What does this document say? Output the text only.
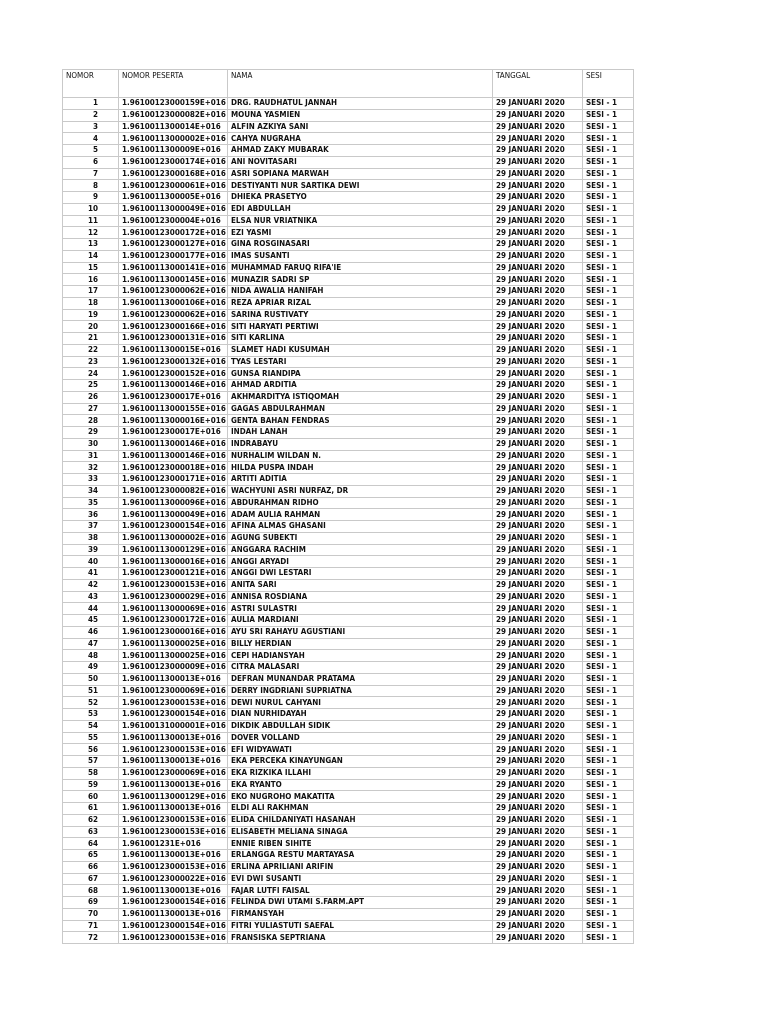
NOMOR	NOMOR PESERTA	NAMA	TANGGAL	SESI
1	1.96100123000159E+016	DRG. RAUDHATUL JANNAH	29 JANUARI 2020	SESI - 1
2	1.96100123000082E+016	MOUNA YASMIEN	29 JANUARI 2020	SESI - 1
3	1.9610011300014E+016	ALFIN AZKIYA SANI	29 JANUARI 2020	SESI - 1
4	1.96100113000002E+016	CAHYA NUGRAHA	29 JANUARI 2020	SESI - 1
5	1.9610011300009E+016	AHMAD ZAKY MUBARAK	29 JANUARI 2020	SESI - 1
6	1.96100123000174E+016	ANI NOVITASARI	29 JANUARI 2020	SESI - 1
7	1.96100123000168E+016	ASRI SOPIANA MARWAH	29 JANUARI 2020	SESI - 1
8	1.96100123000061E+016	DESTIYANTI NUR SARTIKA DEWI	29 JANUARI 2020	SESI - 1
9	1.9610011300005E+016	DHIEKA PRASETYO	29 JANUARI 2020	SESI - 1
10	1.96100113000049E+016	EDI ABDULLAH	29 JANUARI 2020	SESI - 1
11	1.9610012300004E+016	ELSA NUR VRIATNIKA	29 JANUARI 2020	SESI - 1
12	1.96100123000172E+016	EZI YASMI	29 JANUARI 2020	SESI - 1
13	1.96100123000127E+016	GINA ROSGINASARI	29 JANUARI 2020	SESI - 1
14	1.96100123000177E+016	IMAS SUSANTI	29 JANUARI 2020	SESI - 1
15	1.96100113000141E+016	MUHAMMAD FARUQ RIFA'IE	29 JANUARI 2020	SESI - 1
16	1.96100113000145E+016	MUNAZIR SADRI SP	29 JANUARI 2020	SESI - 1
17	1.96100123000062E+016	NIDA AWALIA HANIFAH	29 JANUARI 2020	SESI - 1
18	1.96100113000106E+016	REZA APRIAR RIZAL	29 JANUARI 2020	SESI - 1
19	1.96100123000062E+016	SARINA RUSTIVATY	29 JANUARI 2020	SESI - 1
20	1.96100123000166E+016	SITI HARYATI PERTIWI	29 JANUARI 2020	SESI - 1
21	1.96100123000131E+016	SITI KARLINA	29 JANUARI 2020	SESI - 1
22	1.9610011300015E+016	SLAMET HADI KUSUMAH	29 JANUARI 2020	SESI - 1
23	1.96100123000132E+016	TYAS LESTARI	29 JANUARI 2020	SESI - 1
24	1.96100123000152E+016	GUNSA RIANDIPA	29 JANUARI 2020	SESI - 1
25	1.96100113000146E+016	AHMAD ARDITIA	29 JANUARI 2020	SESI - 1
26	1.9610012300017E+016	AKHMARDITYA ISTIQOMAH	29 JANUARI 2020	SESI - 1
27	1.96100113000155E+016	GAGAS ABDULRAHMAN	29 JANUARI 2020	SESI - 1
28	1.96100113000016E+016	GENTA BAHAN FENDRAS	29 JANUARI 2020	SESI - 1
29	1.9610012300017E+016	INDAH LANAH	29 JANUARI 2020	SESI - 1
30	1.96100113000146E+016	INDRABAYU	29 JANUARI 2020	SESI - 1
31	1.96100113000146E+016	NURHALIM WILDAN N.	29 JANUARI 2020	SESI - 1
32	1.96100123000018E+016	HILDA PUSPA INDAH	29 JANUARI 2020	SESI - 1
33	1.96100123000171E+016	ARTITI ADITIA	29 JANUARI 2020	SESI - 1
34	1.96100123000082E+016	WACHYUNI ASRI NURFAZ, DR	29 JANUARI 2020	SESI - 1
35	1.96100113000096E+016	ABDURAHMAN RIDHO	29 JANUARI 2020	SESI - 1
36	1.96100113000049E+016	ADAM AULIA RAHMAN	29 JANUARI 2020	SESI - 1
37	1.96100123000154E+016	AFINA ALMAS GHASANI	29 JANUARI 2020	SESI - 1
38	1.96100113000002E+016	AGUNG SUBEKTI	29 JANUARI 2020	SESI - 1
39	1.96100113000129E+016	ANGGARA RACHIM	29 JANUARI 2020	SESI - 1
40	1.96100113000016E+016	ANGGI ARYADI	29 JANUARI 2020	SESI - 1
41	1.96100123000121E+016	ANGGI DWI LESTARI	29 JANUARI 2020	SESI - 1
42	1.96100123000153E+016	ANITA SARI	29 JANUARI 2020	SESI - 1
43	1.96100123000029E+016	ANNISA ROSDIANA	29 JANUARI 2020	SESI - 1
44	1.96100113000069E+016	ASTRI SULASTRI	29 JANUARI 2020	SESI - 1
45	1.96100123000172E+016	AULIA MARDIANI	29 JANUARI 2020	SESI - 1
46	1.96100123000016E+016	AYU SRI RAHAYU AGUSTIANI	29 JANUARI 2020	SESI - 1
47	1.96100113000025E+016	BILLY HERDIAN	29 JANUARI 2020	SESI - 1
48	1.96100113000025E+016	CEPI HADIANSYAH	29 JANUARI 2020	SESI - 1
49	1.96100123000009E+016	CITRA MALASARI	29 JANUARI 2020	SESI - 1
50	1.9610011300013E+016	DEFRAN MUNANDAR PRATAMA	29 JANUARI 2020	SESI - 1
51	1.96100123000069E+016	DERRY INGDRIANI SUPRIATNA	29 JANUARI 2020	SESI - 1
52	1.96100123000153E+016	DEWI NURUL CAHYANI	29 JANUARI 2020	SESI - 1
53	1.96100123000154E+016	DIAN NURHIDAYAH	29 JANUARI 2020	SESI - 1
54	1.96100131000001E+016	DIKDIK ABDULLAH SIDIK	29 JANUARI 2020	SESI - 1
55	1.9610011300013E+016	DOVER VOLLAND	29 JANUARI 2020	SESI - 1
56	1.96100123000153E+016	EFI WIDYAWATI	29 JANUARI 2020	SESI - 1
57	1.9610011300013E+016	EKA PERCEKA KINAYUNGAN	29 JANUARI 2020	SESI - 1
58	1.96100123000069E+016	EKA RIZKIKA ILLAHI	29 JANUARI 2020	SESI - 1
59	1.9610011300013E+016	EKA RYANTO	29 JANUARI 2020	SESI - 1
60	1.96100113000129E+016	EKO NUGROHO MAKATITA	29 JANUARI 2020	SESI - 1
61	1.9610011300013E+016	ELDI ALI RAKHMAN	29 JANUARI 2020	SESI - 1
62	1.96100123000153E+016	ELIDA CHILDANIYATI HASANAH	29 JANUARI 2020	SESI - 1
63	1.96100123000153E+016	ELISABETH MELIANA SINAGA	29 JANUARI 2020	SESI - 1
64	1.961001231E+016	ENNIE RIBEN SIHITE	29 JANUARI 2020	SESI - 1
65	1.9610011300013E+016	ERLANGGA RESTU MARTAYASA	29 JANUARI 2020	SESI - 1
66	1.96100123000153E+016	ERLINA APRILIANI ARIFIN	29 JANUARI 2020	SESI - 1
67	1.96100123000022E+016	EVI DWI SUSANTI	29 JANUARI 2020	SESI - 1
68	1.9610011300013E+016	FAJAR LUTFI FAISAL	29 JANUARI 2020	SESI - 1
69	1.96100123000154E+016	FELINDA DWI UTAMI S.FARM.APT	29 JANUARI 2020	SESI - 1
70	1.9610011300013E+016	FIRMANSYAH	29 JANUARI 2020	SESI - 1
71	1.96100123000154E+016	FITRI YULIASTUTI SAEFAL	29 JANUARI 2020	SESI - 1
72	1.96100123000153E+016	FRANSISKA SEPTRIANA	29 JANUARI 2020	SESI - 1
